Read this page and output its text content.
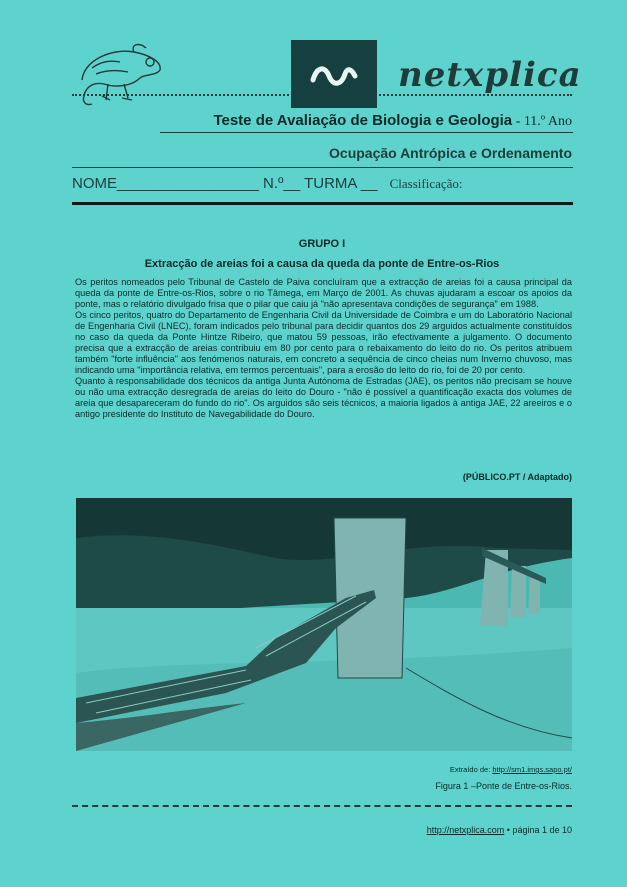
netxplica
Teste de Avaliação de Biologia e Geologia - 11.º Ano
Ocupação Antrópica e Ordenamento
NOME_________________ N.º__ TURMA __ Classificação:
GRUPO I
Extracção de areias foi a causa da queda da ponte de Entre-os-Rios

Os peritos nomeados pelo Tribunal de Castelo de Paiva concluíram que a extracção de areias foi a causa principal da queda da ponte de Entre-os-Rios, sobre o rio Tâmega, em Março de 2001. As chuvas ajudaram a escoar os apoios da ponte, mas o relatório divulgado frisa que o pilar que caiu já "não apresentava condições de segurança" em 1988.

Os cinco peritos, quatro do Departamento de Engenharia Civil da Universidade de Coimbra e um do Laboratório Nacional de Engenharia Civil (LNEC), foram indicados pelo tribunal para decidir quantos dos 29 arguidos actualmente constituídos no caso da queda da Ponte Hintze Ribeiro, que matou 59 pessoas, irão efectivamente a julgamento. O documento precisa que a extracção de areias contribuiu em 80 por cento para o rebaixamento do leito do rio. Os peritos atribuem também "forte influência" aos fenómenos naturais, em concreto a sequência de cinco cheias num Inverno chuvoso, mas indicando uma "importância relativa, em termos percentuais", para a erosão do leito do rio, foi de 20 por cento.

Quanto à responsabilidade dos técnicos da antiga Junta Autónoma de Estradas (JAE), os peritos não precisam se houve ou não uma extracção desregrada de areias do leito do Douro - "não é possível a quantificação exacta dos volumes de areia que desapareceram do fundo do rio". Os arguidos são seis técnicos, a maioria ligados à antiga JAE, 22 areeiros e o antigo presidente do Instituto de Navegabilidade do Douro.

(PÚBLICO.PT / Adaptado)
Extraído de: http://sm1.imgs.sapo.pt/
Figura 1 –Ponte de Entre-os-Rios.
http://netxplica.com • página 1 de 10
